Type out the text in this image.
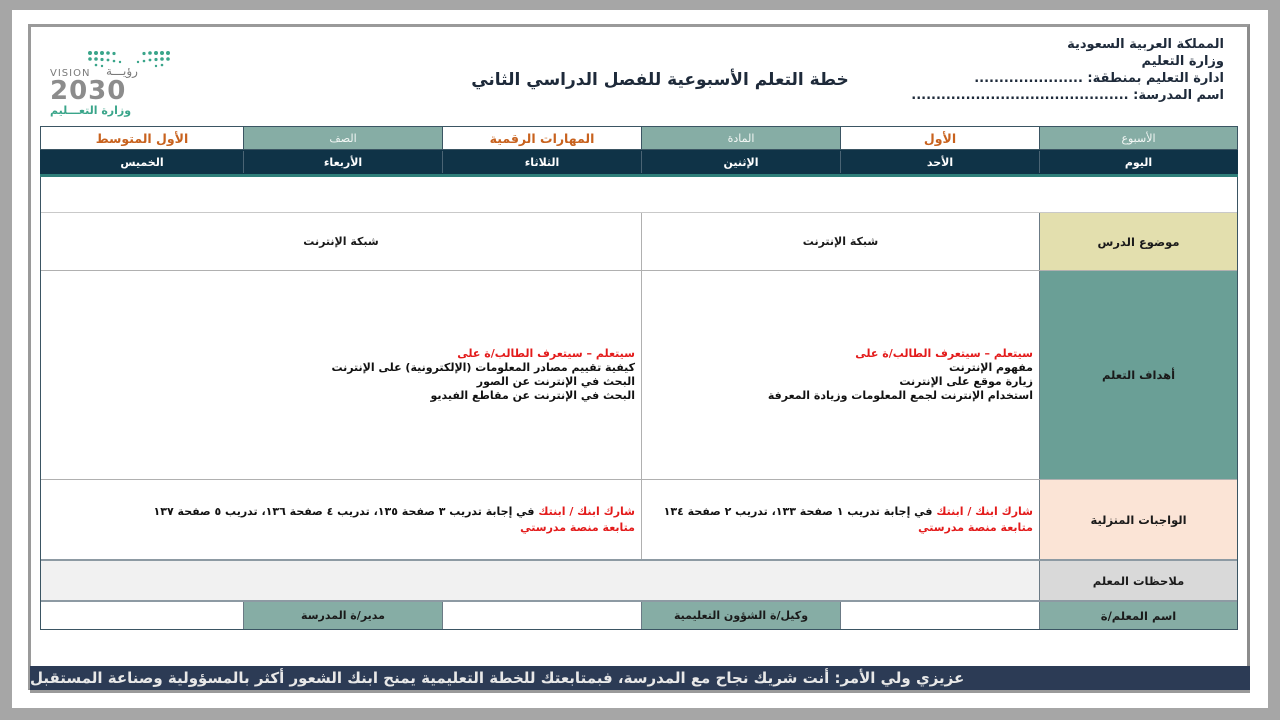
VISION رؤيـــة
2030
وزارة التعـــليم
خطة التعلم الأسبوعية للفصل الدراسي الثاني
المملكة العربية السعودية
وزارة التعليم
ادارة التعليم بمنطقة: ......................
اسم المدرسة: ............................................
الأسبوع
الأول
المادة
المهارات الرقمية
الصف
الأول المتوسط
اليوم
الأحد
الإثنين
الثلاثاء
الأربعاء
الخميس
موضوع الدرس
شبكة الإنترنت
شبكة الإنترنت
أهداف التعلم
سيتعلم – سيتعرف الطالب/ة على
مفهوم الإنترنت
زيارة موقع على الإنترنت
استخدام الإنترنت لجمع المعلومات وزيادة المعرفة
سيتعلم – سيتعرف الطالب/ة على
كيفية تقييم مصادر المعلومات (الإلكترونية) على الإنترنت
البحث في الإنترنت عن الصور
البحث في الإنترنت عن مقاطع الفيديو
الواجبات المنزلية

شارك ابنك / ابنتك في إجابة تدريب ١ صفحة ١٣٣، تدريب ٢ صفحة ١٣٤

متابعة منصة مدرستي

شارك ابنك / ابنتك في إجابة تدريب ٣ صفحة ١٣٥، تدريب ٤ صفحة ١٣٦، تدريب ٥ صفحة ١٣٧

متابعة منصة مدرستي

ملاحظات المعلم
اسم المعلم/ة
وكيل/ة الشؤون التعليمية
مدير/ة المدرسة
عزيزي ولي الأمر: أنت شريك نجاح مع المدرسة، فبمتابعتك للخطة التعليمية يمنح ابنك الشعور أكثر بالمسؤولية وصناعة المستقبل
